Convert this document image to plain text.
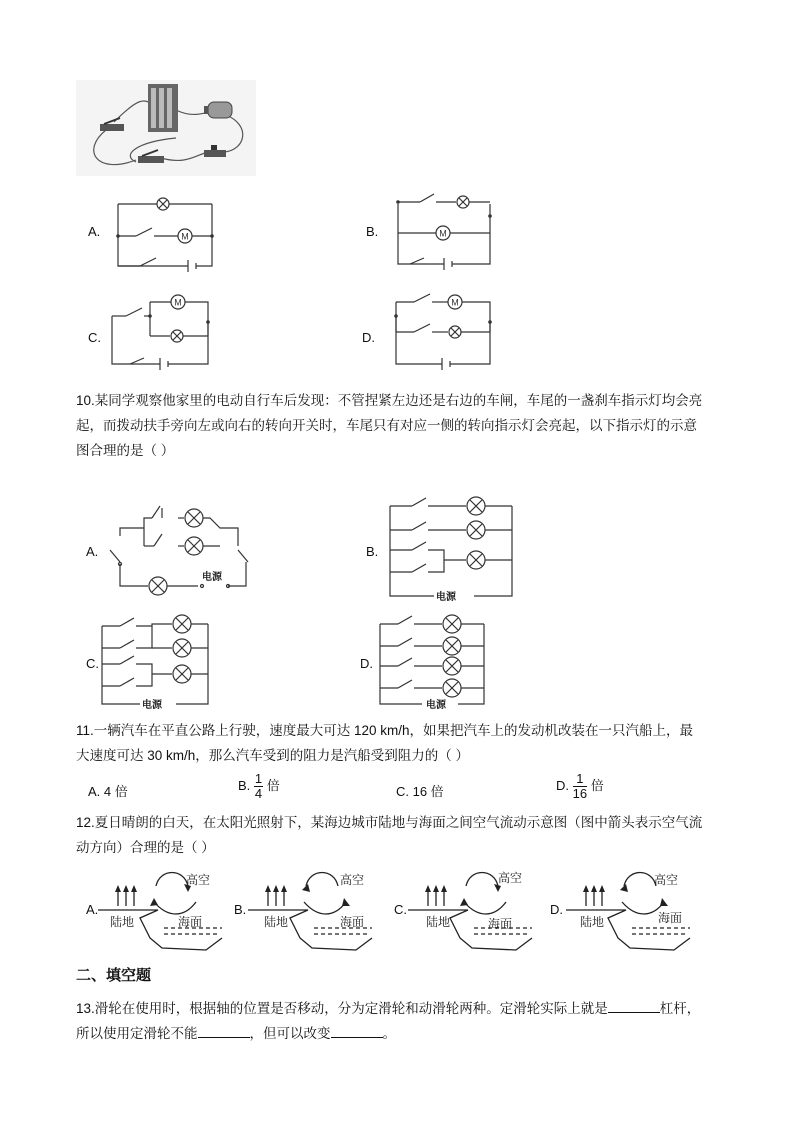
A.	M	B.	M
C.
M
D.
M
10.某同学观察他家里的电动自行车后发现：不管捏紧左边还是右边的车闸，车尾的一盏刹车指示灯均会亮
起，而拨动扶手旁向左或向右的转向开关时，车尾只有对应一侧的转向指示灯会亮起，以下指示灯的示意
图合理的是（ ）
A.
电源
B.
电源
C.
电源
D.
电源
11.一辆汽车在平直公路上行驶，速度最大可达 120 km/h，如果把汽车上的发动机改装在一只汽船上，最
大速度可达 30 km/h，那么汽车受到的阻力是汽船受到阻力的（ ）
A. 4 倍	B. $\frac{1}{4}$ 倍	C. 16 倍	D. $\frac{1}{16}$ 倍
12.夏日晴朗的白天，在太阳光照射下，某海边城市陆地与海面之间空气流动示意图（图中箭头表示空气流
动方向）合理的是（ ）
A.
高空
陆地	海面
B.
高空
陆地	海面
C.
高空
陆地	海面
D.
高空
陆地	海面
二、填空题
13.滑轮在使用时，根据轴的位置是否移动，分为定滑轮和动滑轮两种。定滑轮实际上就是	杠杆，
所以使用定滑轮不能	，但可以改变	。
